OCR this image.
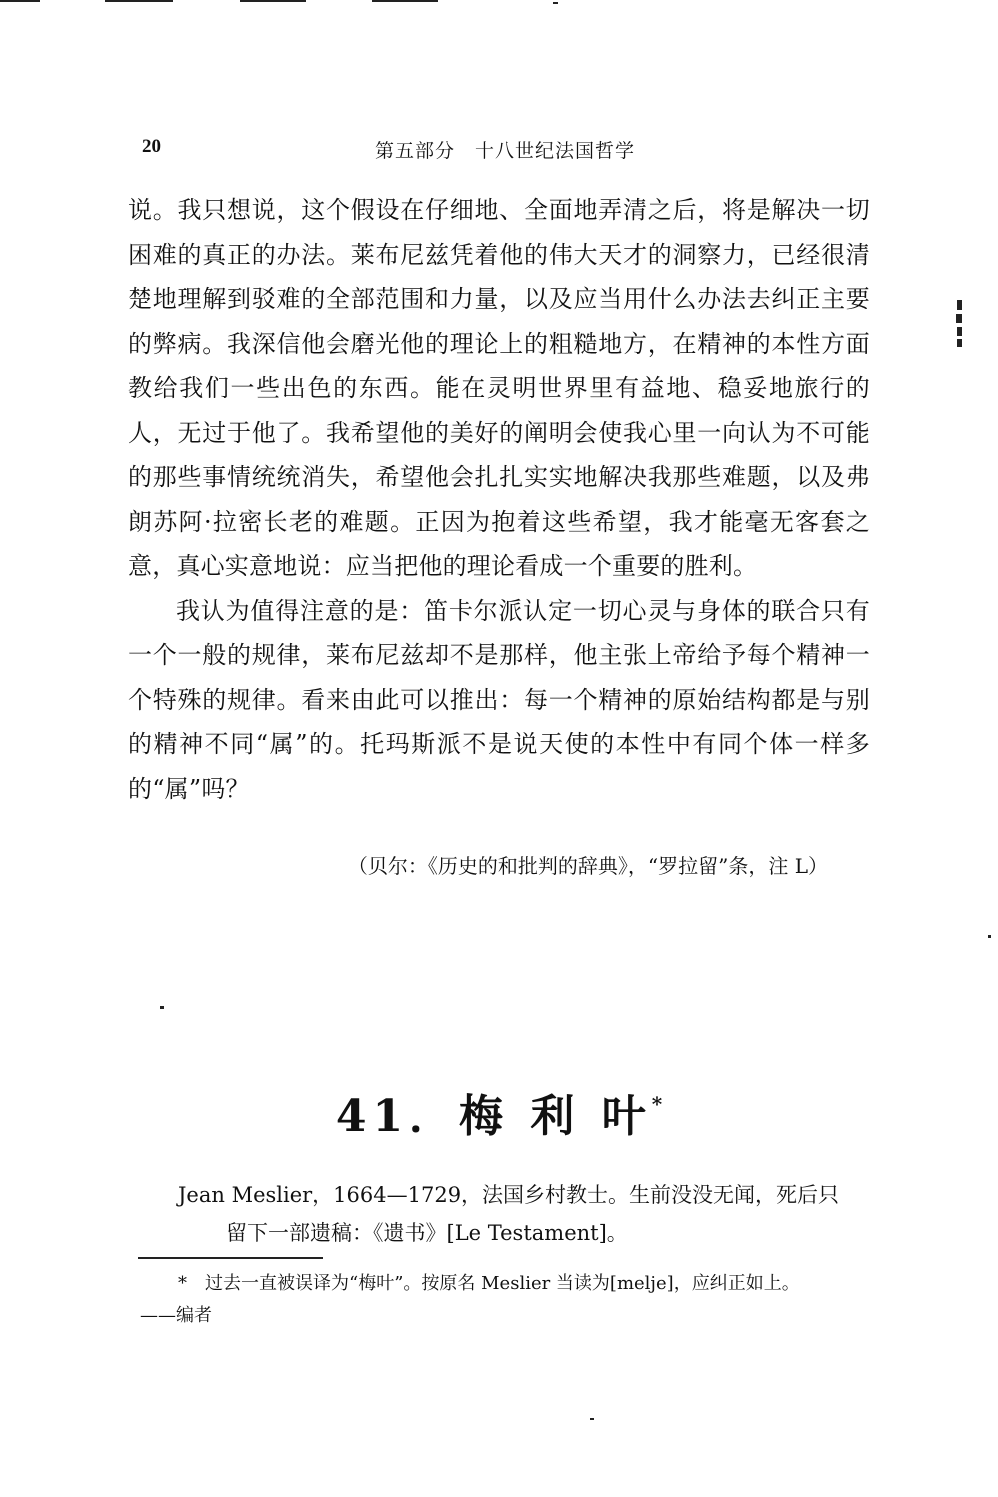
20	第五部分　十八世纪法国哲学

说。我只想说，这个假设在仔细地、全面地弄清之后，将是解决一切困难的真正的办法。莱布尼兹凭着他的伟大天才的洞察力，已经很清楚地理解到驳难的全部范围和力量，以及应当用什么办法去纠正主要的弊病。我深信他会磨光他的理论上的粗糙地方，在精神的本性方面教给我们一些出色的东西。能在灵明世界里有益地、稳妥地旅行的人，无过于他了。我希望他的美好的阐明会使我心里一向认为不可能的那些事情统统消失，希望他会扎扎实实地解决我那些难题，以及弗朗苏阿·拉密长老的难题。正因为抱着这些希望，我才能毫无客套之意，真心实意地说：应当把他的理论看成一个重要的胜利。

我认为值得注意的是：笛卡尔派认定一切心灵与身体的联合只有一个一般的规律，莱布尼兹却不是那样，他主张上帝给予每个精神一个特殊的规律。看来由此可以推出：每一个精神的原始结构都是与别的精神不同“属”的。托玛斯派不是说天使的本性中有同个体一样多的“属”吗？

（贝尔：《历史的和批判的辞典》，“罗拉留”条，注 L）
41．梅 利 叶*
Jean Meslier，1664—1729，法国乡村教士。生前没没无闻，死后只
留下一部遗稿：《遗书》[Le Testament]。
* 过去一直被误译为“梅叶”。按原名 Meslier 当读为[melje]，应纠正如上。
——编者
